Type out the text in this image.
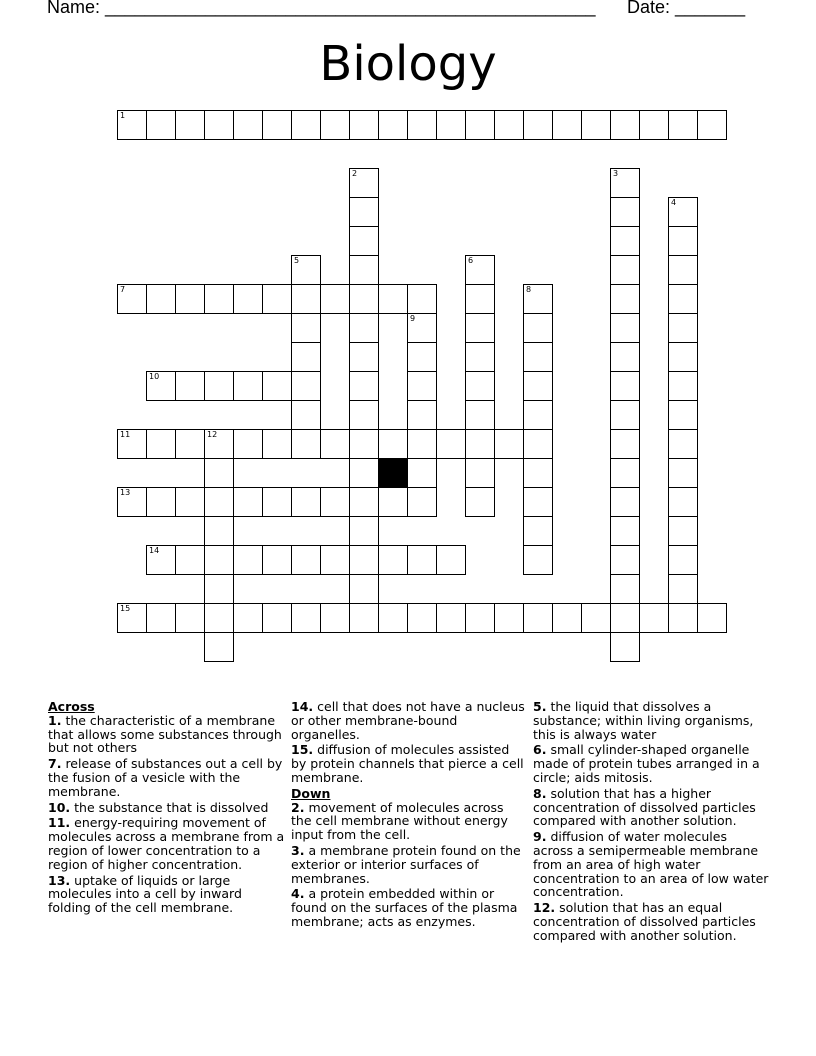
Name: _________________________________________________ Date: _______
Biology
1
2	3
4
5	6
7	8
9
10
11	12
13
14
15
Across
1. the characteristic of a membrane that allows some substances through but not others
7. release of substances out a cell by the fusion of a vesicle with the membrane.
10. the substance that is dissolved
11. energy-requiring movement of molecules across a membrane from a region of lower concentration to a region of higher concentration.
13. uptake of liquids or large molecules into a cell by inward folding of the cell membrane.
14. cell that does not have a nucleus or other membrane-bound organelles.
15. diffusion of molecules assisted by protein channels that pierce a cell membrane.
Down
2. movement of molecules across the cell membrane without energy input from the cell.
3. a membrane protein found on the exterior or interior surfaces of membranes.
4. a protein embedded within or found on the surfaces of the plasma membrane; acts as enzymes.
5. the liquid that dissolves a substance; within living organisms, this is always water
6. small cylinder-shaped organelle made of protein tubes arranged in a circle; aids mitosis.
8. solution that has a higher concentration of dissolved particles compared with another solution.
9. diffusion of water molecules across a semipermeable membrane from an area of high water concentration to an area of low water concentration.
12. solution that has an equal concentration of dissolved particles compared with another solution.
